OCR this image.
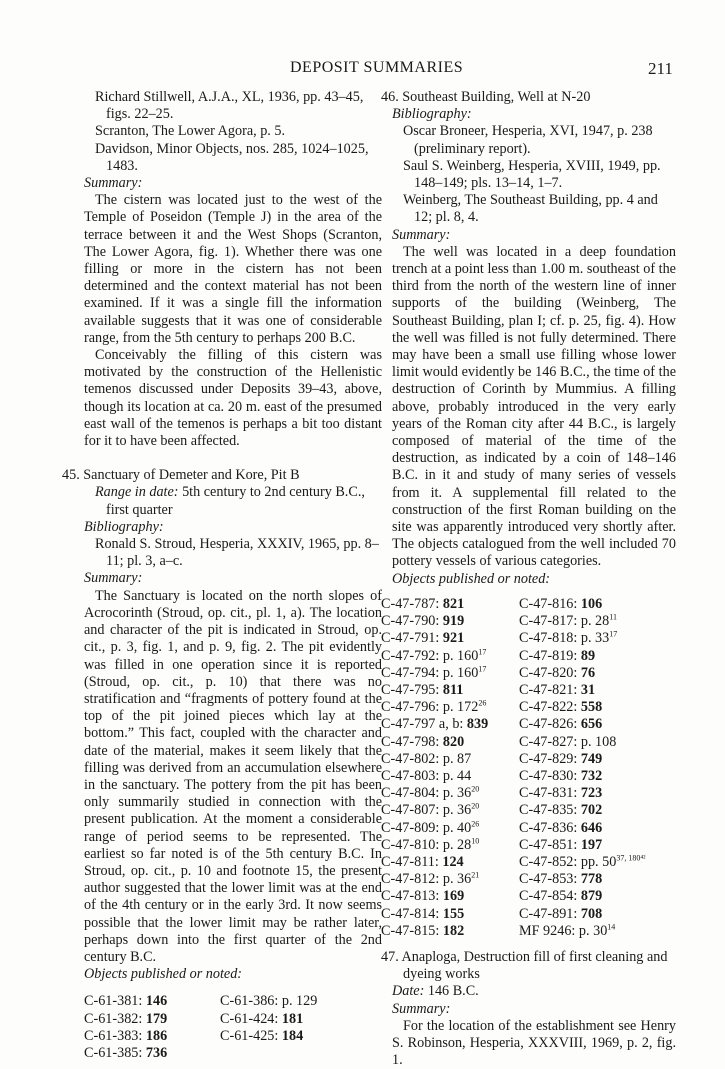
DEPOSIT SUMMARIES	211

Richard Stillwell, A.J.A., XL, 1936, pp. 43–45, figs. 22–25.

Scranton, The Lower Agora, p. 5.

Davidson, Minor Objects, nos. 285, 1024–1025, 1483.

Summary:

The cistern was located just to the west of the Temple of Poseidon (Temple J) in the area of the terrace between it and the West Shops (Scranton, The Lower Agora, fig. 1). Whether there was one filling or more in the cistern has not been determined and the context material has not been examined. If it was a single fill the information available suggests that it was one of considerable range, from the 5th century to perhaps 200 B.C.

Conceivably the filling of this cistern was motivated by the construction of the Hellenistic temenos discussed under Deposits 39–43, above, though its location at ca. 20 m. east of the presumed east wall of the temenos is perhaps a bit too distant for it to have been affected.

45. Sanctuary of Demeter and Kore, Pit B

Range in date: 5th century to 2nd century B.C., first quarter

Bibliography:

Ronald S. Stroud, Hesperia, XXXIV, 1965, pp. 8–11; pl. 3, a–c.

Summary:

The Sanctuary is located on the north slopes of Acrocorinth (Stroud, op. cit., pl. 1, a). The location and character of the pit is indicated in Stroud, op. cit., p. 3, fig. 1, and p. 9, fig. 2. The pit evidently was filled in one operation since it is reported (Stroud, op. cit., p. 10) that there was no stratification and “fragments of pottery found at the top of the pit joined pieces which lay at the bottom.” This fact, coupled with the character and date of the material, makes it seem likely that the filling was derived from an accumulation elsewhere in the sanctuary. The pottery from the pit has been only summarily studied in connection with the present publication. At the moment a considerable range of period seems to be represented. The earliest so far noted is of the 5th century B.C. In Stroud, op. cit., p. 10 and footnote 15, the present author suggested that the lower limit was at the end of the 4th century or in the early 3rd. It now seems possible that the lower limit may be rather later, perhaps down into the first quarter of the 2nd century B.C.

Objects published or noted:

C-61-381: 146	C-61-386: p. 129
C-61-382: 179	C-61-424: 181
C-61-383: 186	C-61-425: 184
C-61-385: 736

46. Southeast Building, Well at N-20

Bibliography:

Oscar Broneer, Hesperia, XVI, 1947, p. 238 (preliminary report).

Saul S. Weinberg, Hesperia, XVIII, 1949, pp. 148–149; pls. 13–14, 1–7.

Weinberg, The Southeast Building, pp. 4 and 12; pl. 8, 4.

Summary:

The well was located in a deep foundation trench at a point less than 1.00 m. southeast of the third from the north of the western line of inner supports of the building (Weinberg, The Southeast Building, plan I; cf. p. 25, fig. 4). How the well was filled is not fully determined. There may have been a small use filling whose lower limit would evidently be 146 B.C., the time of the destruction of Corinth by Mummius. A filling above, probably introduced in the very early years of the Roman city after 44 B.C., is largely composed of material of the time of the destruction, as indicated by a coin of 148–146 B.C. in it and study of many series of vessels from it. A supplemental fill related to the construction of the first Roman building on the site was apparently introduced very shortly after. The objects catalogued from the well included 70 pottery vessels of various categories.

Objects published or noted:

C-47-787: 821	C-47-816: 106
C-47-790: 919	C-47-817: p. $28^{11}$
C-47-791: 921	C-47-818: p. $33^{17}$
C-47-792: p. $160^{17}$	C-47-819: 89
C-47-794: p. $160^{17}$	C-47-820: 76
C-47-795: 811	C-47-821: 31
C-47-796: p. $172^{26}$	C-47-822: 558
C-47-797 a, b: 839	C-47-826: 656
C-47-798: 820	C-47-827: p. 108
C-47-802: p. 87	C-47-829: 749
C-47-803: p. 44	C-47-830: 732
C-47-804: p. $36^{20}$	C-47-831: 723
C-47-807: p. $36^{20}$	C-47-835: 702
C-47-809: p. $40^{26}$	C-47-836: 646
C-47-810: p. $28^{10}$	C-47-851: 197
C-47-811: 124	C-47-852: pp. $50^{37, 180^{42}}$
C-47-812: p. $36^{21}$	C-47-853: 778
C-47-813: 169	C-47-854: 879
C-47-814: 155	C-47-891: 708
C-47-815: 182	MF 9246: p. $30^{14}$

47. Anaploga, Destruction fill of first cleaning and dyeing works

Date: 146 B.C.

Summary:

For the location of the establishment see Henry S. Robinson, Hesperia, XXXVIII, 1969, p. 2, fig. 1.
